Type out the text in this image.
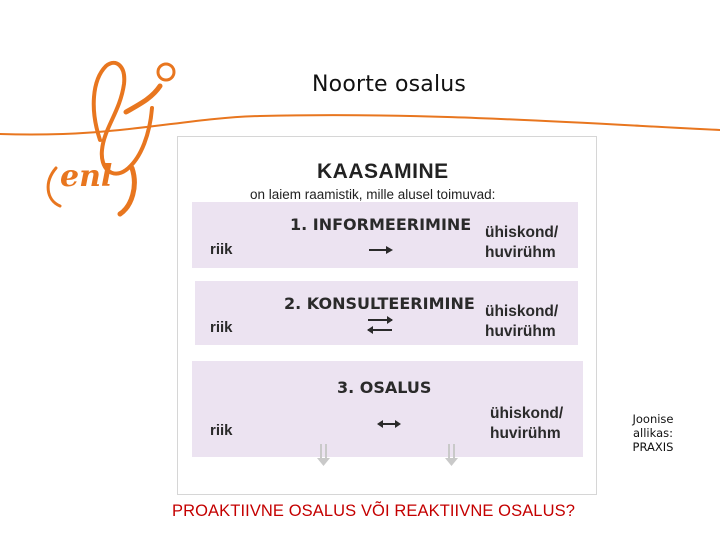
enl
Noorte osalus
KAASAMINE
on laiem raamistik, mille alusel toimuvad:
1. INFORMEERIMINE
riik
ühiskond/
huvirühm
2. KONSULTEERIMINE
riik
ühiskond/
huvirühm
3. OSALUS
riik
ühiskond/
huvirühm
Joonise
allikas:
PRAXIS
PROAKTIIVNE OSALUS VÕI REAKTIIVNE OSALUS?
